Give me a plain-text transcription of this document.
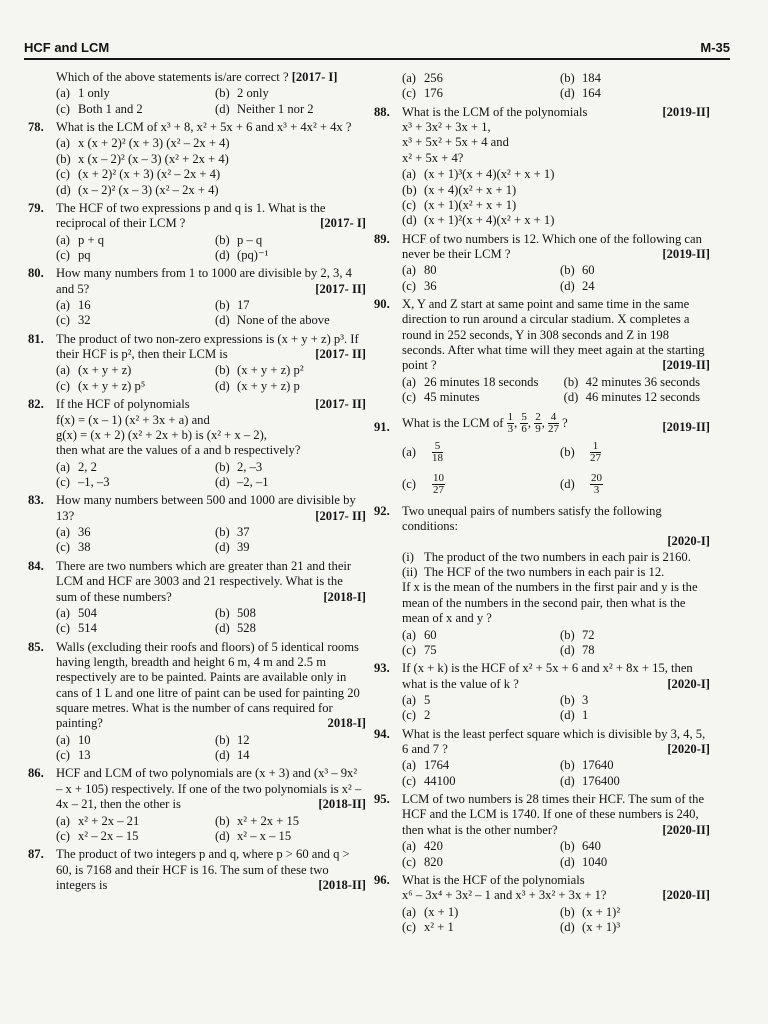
HCF and LCM	M-35
Which of the above statements is/are correct ? [2017- I]
(a) 1 only	(b) 2 only
(c) Both 1 and 2	(d) Neither 1 nor 2
78. What is the LCM of x³ + 8, x² + 5x + 6 and x³ + 4x² + 4x ?
(a) x (x + 2)² (x + 3) (x² – 2x + 4)
(b) x (x – 2)² (x – 3) (x² + 2x + 4)
(c) (x + 2)² (x + 3) (x² – 2x + 4)
(d) (x – 2)² (x – 3) (x² – 2x + 4)
79. The HCF of two expressions p and q is 1. What is the reciprocal of their LCM ?	[2017- I]
(a) p + q	(b) p – q
(c) pq	(d) (pq)⁻¹
80. How many numbers from 1 to 1000 are divisible by 2, 3, 4 and 5?	[2017- II]
(a) 16	(b) 17
(c) 32	(d) None of the above
81. The product of two non-zero expressions is (x + y + z) p³. If their HCF is p², then their LCM is	[2017- II]
(a) (x + y + z)	(b) (x + y + z) p²
(c) (x + y + z) p⁵	(d) (x + y + z) p
82. If the HCF of polynomials	[2017- II]
f(x) = (x – 1) (x² + 3x + a) and
g(x) = (x + 2) (x² + 2x + b) is (x² + x – 2),
then what are the values of a and b respectively?
(a) 2, 2	(b) 2, –3
(c) –1, –3	(d) –2, –1
83. How many numbers between 500 and 1000 are divisible by 13?	[2017- II]
(a) 36	(b) 37
(c) 38	(d) 39
84. There are two numbers which are greater than 21 and their LCM and HCF are 3003 and 21 respectively. What is the sum of these numbers?	[2018-I]
(a) 504	(b) 508
(c) 514	(d) 528
85. Walls (excluding their roofs and floors) of 5 identical rooms having length, breadth and height 6 m, 4 m and 2.5 m respectively are to be painted. Paints are available only in cans of 1 L and one litre of paint can be used for painting 20 square metres. What is the number of cans required for painting?	2018-I]
(a) 10	(b) 12
(c) 13	(d) 14
86. HCF and LCM of two polynomials are (x + 3) and (x³ – 9x² – x + 105) respectively. If one of the two polynomials is x² – 4x – 21, then the other is	[2018-II]
(a) x² + 2x – 21	(b) x² + 2x + 15
(c) x² – 2x – 15	(d) x² – x – 15
87. The product of two integers p and q, where p > 60 and q > 60, is 7168 and their HCF is 16. The sum of these two integers is	[2018-II]
(a) 256	(b) 184
(c) 176	(d) 164
88. What is the LCM of the polynomials	[2019-II]
x³ + 3x² + 3x + 1,
x³ + 5x² + 5x + 4 and
x² + 5x + 4?
(a) (x + 1)³(x + 4)(x² + x + 1)
(b) (x + 4)(x² + x + 1)
(c) (x + 1)(x² + x + 1)
(d) (x + 1)²(x + 4)(x² + x + 1)
89. HCF of two numbers is 12. Which one of the following can never be their LCM ?	[2019-II]
(a) 80	(b) 60
(c) 36	(d) 24
90. X, Y and Z start at same point and same time in the same direction to run around a circular stadium. X completes a round in 252 seconds, Y in 308 seconds and Z in 198 seconds. After what time will they meet again at the starting point ?	[2019-II]
(a) 26 minutes 18 seconds	(b) 42 minutes 36 seconds
(c) 45 minutes	(d) 46 minutes 12 seconds
91. What is the LCM of $\frac{1}{3}$ , $\frac{5}{6}$ , $\frac{2}{9}$ , $\frac{4}{27}$ ?	[2019-II]
$(a) \frac{5}{18}$	$(b) \frac{1}{27}$
$(c) \frac{10}{27}$	$(d) \frac{20}{3}$
92. Two unequal pairs of numbers satisfy the following conditions:
[2020-I]
(i) The product of the two numbers in each pair is 2160.
(ii) The HCF of the two numbers in each pair is 12.
If x is the mean of the numbers in the first pair and y is the mean of the numbers in the second pair, then what is the mean of x and y ?
(a) 60	(b) 72
(c) 75	(d) 78
93. If (x + k) is the HCF of x² + 5x + 6 and x² + 8x + 15, then what is the value of k ?	[2020-I]
(a) 5	(b) 3
(c) 2	(d) 1
94. What is the least perfect square which is divisible by 3, 4, 5, 6 and 7 ?	[2020-I]
(a) 1764	(b) 17640
(c) 44100	(d) 176400
95. LCM of two numbers is 28 times their HCF. The sum of the HCF and the LCM is 1740. If one of these numbers is 240, then what is the other number?	[2020-II]
(a) 420	(b) 640
(c) 820	(d) 1040
96. What is the HCF of the polynomials
x⁶ – 3x⁴ + 3x² – 1 and x³ + 3x² + 3x + 1?	[2020-II]
(a) (x + 1)	(b) (x + 1)²
(c) x² + 1	(d) (x + 1)³
